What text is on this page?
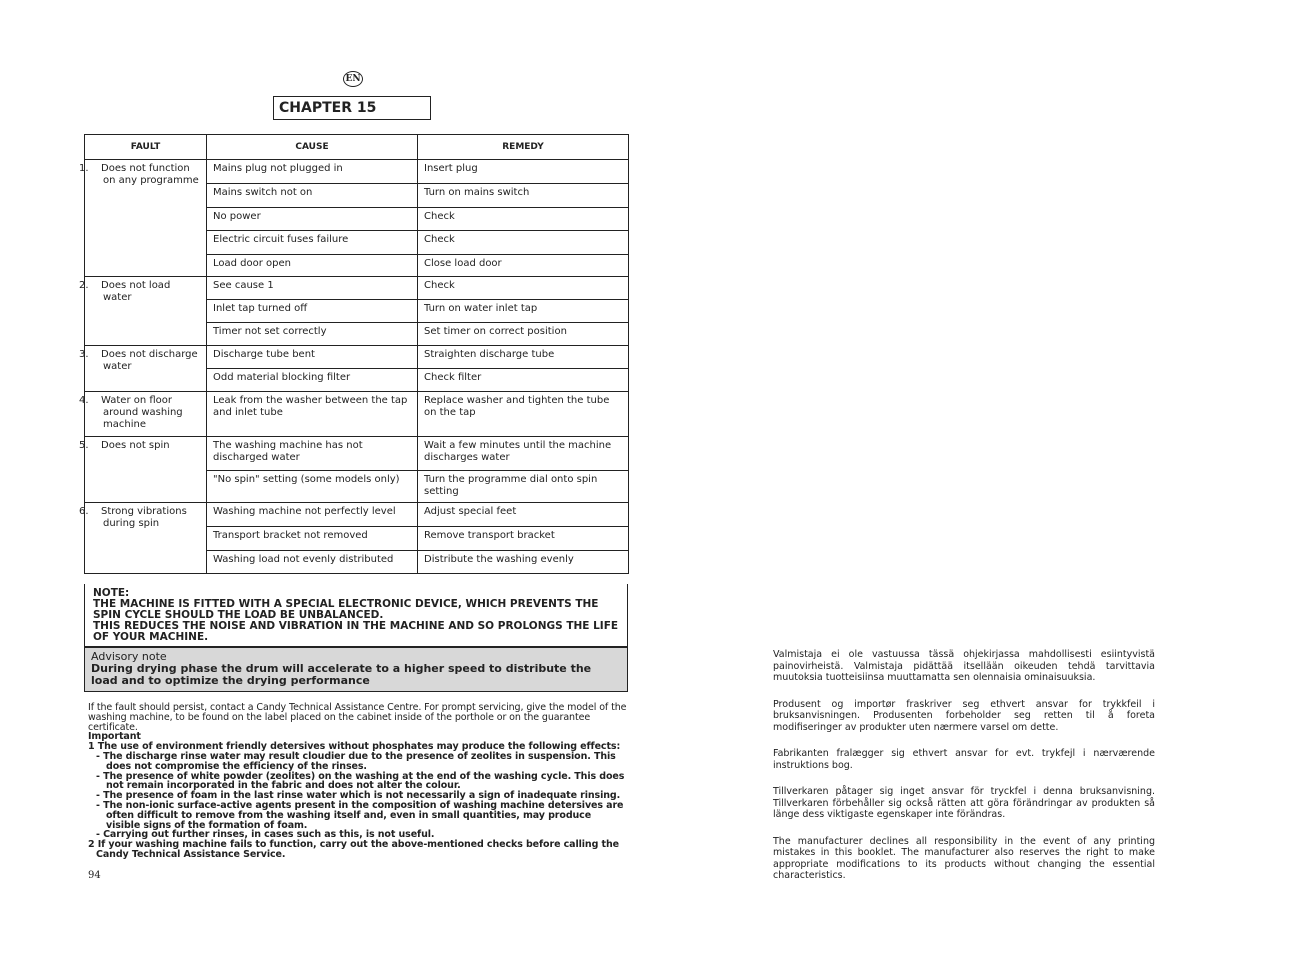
EN
CHAPTER 15
FAULT	CAUSE	REMEDY

1. Does not function on any programme	Mains plug not plugged in	Insert plug
	Mains switch not on	Turn on mains switch
	No power	Check
	Electric circuit fuses failure	Check
	Load door open	Close load door

2. Does not load water	See cause 1	Check
	Inlet tap turned off	Turn on water inlet tap
	Timer not set correctly	Set timer on correct position

3. Does not discharge water	Discharge tube bent	Straighten discharge tube
	Odd material blocking filter	Check filter

4. Water on floor around washing machine	Leak from the washer between the tap and inlet tube	Replace washer and tighten the tube on the tap

5. Does not spin	The washing machine has not discharged water	Wait a few minutes until the machine discharges water
	"No spin" setting (some models only)	Turn the programme dial onto spin setting

6. Strong vibrations during spin	Washing machine not perfectly level	Adjust special feet
	Transport bracket not removed	Remove transport bracket
	Washing load not evenly distributed	Distribute the washing evenly
NOTE:
THE MACHINE IS FITTED WITH A SPECIAL ELECTRONIC DEVICE, WHICH PREVENTS THE SPIN CYCLE SHOULD THE LOAD BE UNBALANCED.
THIS REDUCES THE NOISE AND VIBRATION IN THE MACHINE AND SO PROLONGS THE LIFE OF YOUR MACHINE.
Advisory note
During drying phase the drum will accelerate to a higher speed to distribute the load and to optimize the drying performance
If the fault should persist, contact a Candy Technical Assistance Centre. For prompt servicing, give the model of the washing machine, to be found on the label placed on the cabinet inside of the porthole or on the guarantee certificate.
Important
1 The use of environment friendly detersives without phosphates may produce the following effects:
- The discharge rinse water may result cloudier due to the presence of zeolites in suspension. This does not compromise the efficiency of the rinses.
- The presence of white powder (zeolites) on the washing at the end of the washing cycle. This does not remain incorporated in the fabric and does not alter the colour.
- The presence of foam in the last rinse water which is not necessarily a sign of inadequate rinsing.
- The non-ionic surface-active agents present in the composition of washing machine detersives are often difficult to remove from the washing itself and, even in small quantities, may produce visible signs of the formation of foam.
- Carrying out further rinses, in cases such as this, is not useful.
2 If your washing machine fails to function, carry out the above-mentioned checks before calling the Candy Technical Assistance Service.
94

Valmistaja ei ole vastuussa tässä ohjekirjassa mahdollisesti esiintyvistä painovirheistä. Valmistaja pidättää itsellään oikeuden tehdä tarvittavia muutoksia tuotteisiinsa muuttamatta sen olennaisia ominaisuuksia.

Produsent og importør fraskriver seg ethvert ansvar for trykkfeil i bruksanvisningen. Produsenten forbeholder seg retten til å foreta modifiseringer av produkter uten nærmere varsel om dette.

Fabrikanten fralægger sig ethvert ansvar for evt. trykfejl i nærværende instruktions bog.

Tillverkaren påtager sig inget ansvar för tryckfel i denna bruksanvisning. Tillverkaren förbehåller sig också rätten att göra förändringar av produkten så länge dess viktigaste egenskaper inte förändras.

The manufacturer declines all responsibility in the event of any printing mistakes in this booklet. The manufacturer also reserves the right to make appropriate modifications to its products without changing the essential characteristics.
